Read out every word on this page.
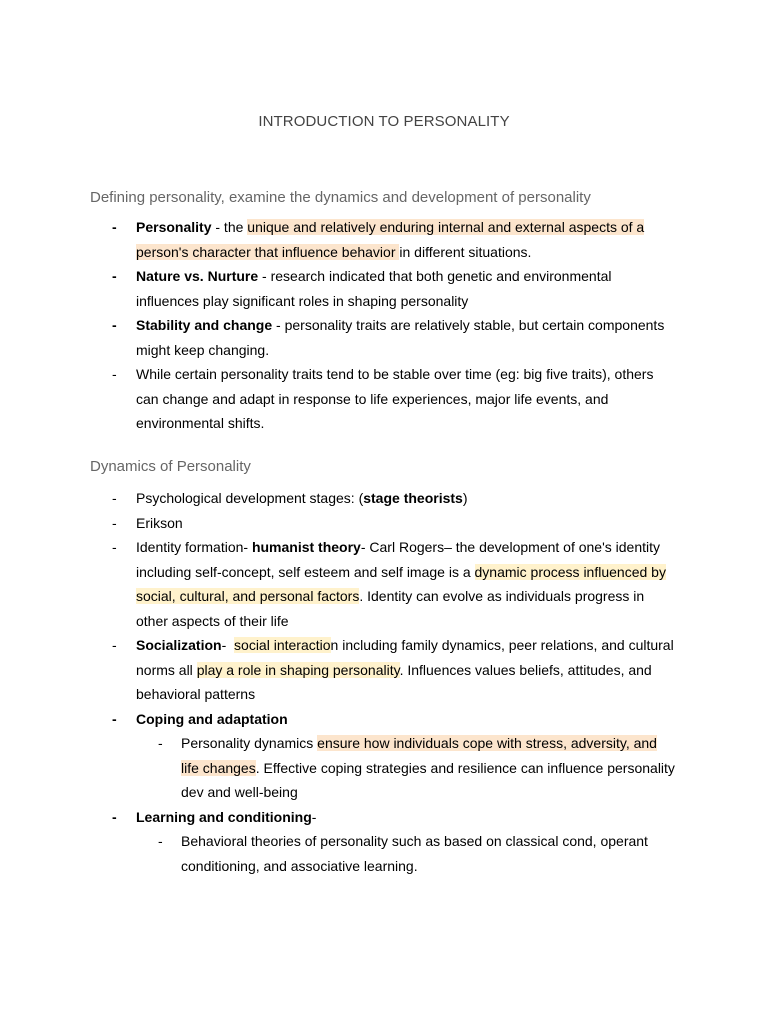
INTRODUCTION TO PERSONALITY
Defining personality, examine the dynamics and development of personality
- Personality - the unique and relatively enduring internal and external aspects of a person's character that influence behavior in different situations.
- Nature vs. Nurture - research indicated that both genetic and environmental influences play significant roles in shaping personality
- Stability and change - personality traits are relatively stable, but certain components might keep changing.
- While certain personality traits tend to be stable over time (eg: big five traits), others can change and adapt in response to life experiences, major life events, and environmental shifts.
Dynamics of Personality
- Psychological development stages: (stage theorists)
- Erikson
- Identity formation- humanist theory- Carl Rogers– the development of one's identity including self-concept, self esteem and self image is a dynamic process influenced by social, cultural, and personal factors. Identity can evolve as individuals progress in other aspects of their life
- Socialization-  social interaction including family dynamics, peer relations, and cultural norms all play a role in shaping personality. Influences values beliefs, attitudes, and behavioral patterns
- Coping and adaptation
- Personality dynamics ensure how individuals cope with stress, adversity, and life changes. Effective coping strategies and resilience can influence personality dev and well-being
- Learning and conditioning-
- Behavioral theories of personality such as based on classical cond, operant conditioning, and associative learning.
